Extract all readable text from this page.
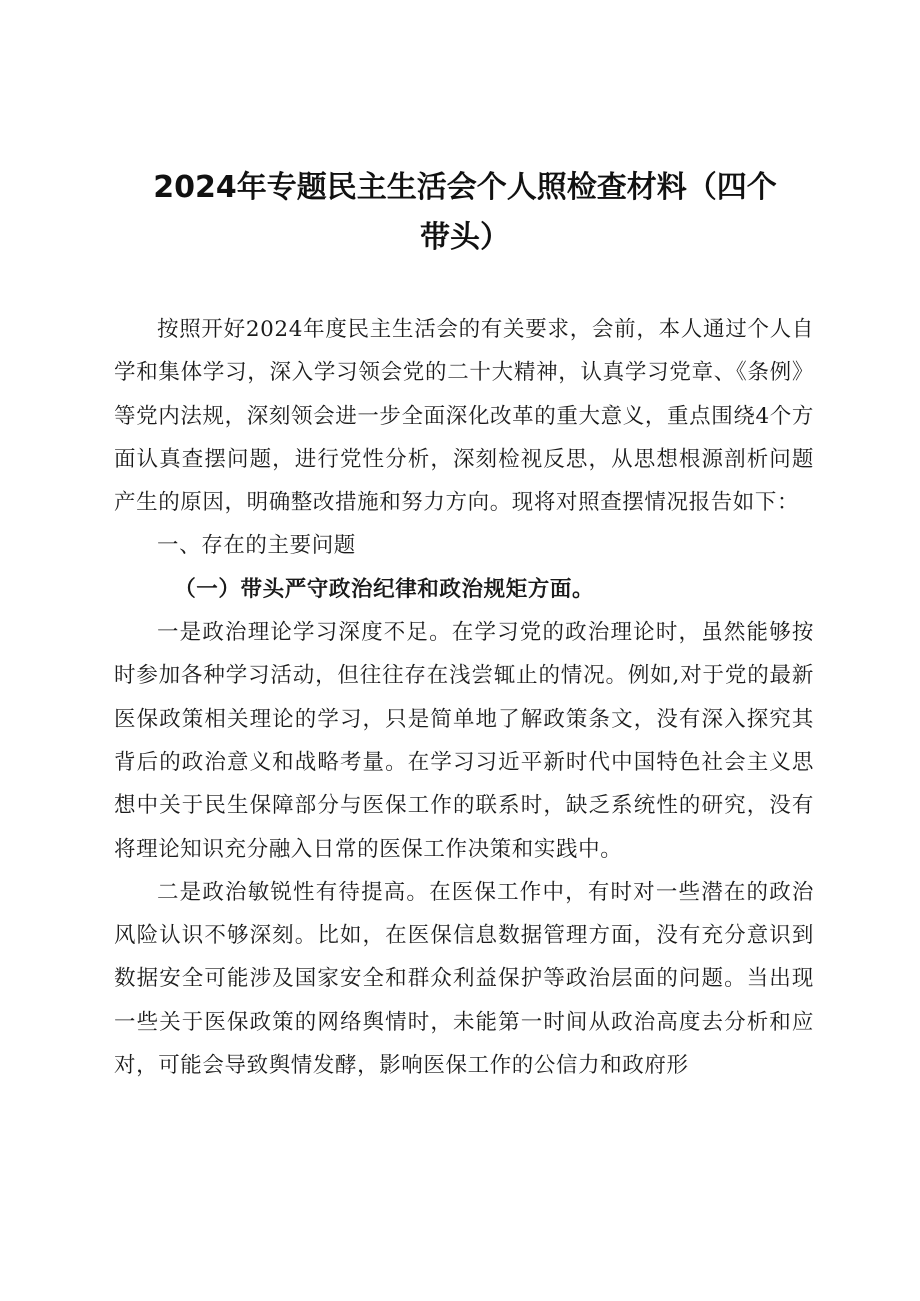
2024年专题民主生活会个人照检查材料（四个带头）

按照开好2024年度民主生活会的有关要求，会前，本人通过个人自学和集体学习，深入学习领会党的二十大精神，认真学习党章、《条例》等党内法规，深刻领会进一步全面深化改革的重大意义，重点围绕4个方面认真查摆问题，进行党性分析，深刻检视反思，从思想根源剖析问题产生的原因，明确整改措施和努力方向。现将对照查摆情况报告如下：

一、存在的主要问题

（一）带头严守政治纪律和政治规矩方面。

一是政治理论学习深度不足。在学习党的政治理论时，虽然能够按时参加各种学习活动，但往往存在浅尝辄止的情况。例如,对于党的最新医保政策相关理论的学习，只是简单地了解政策条文，没有深入探究其背后的政治意义和战略考量。在学习习近平新时代中国特色社会主义思想中关于民生保障部分与医保工作的联系时，缺乏系统性的研究，没有将理论知识充分融入日常的医保工作决策和实践中。

二是政治敏锐性有待提高。在医保工作中，有时对一些潜在的政治风险认识不够深刻。比如，在医保信息数据管理方面，没有充分意识到数据安全可能涉及国家安全和群众利益保护等政治层面的问题。当出现一些关于医保政策的网络舆情时，未能第一时间从政治高度去分析和应对，可能会导致舆情发酵，影响医保工作的公信力和政府形
